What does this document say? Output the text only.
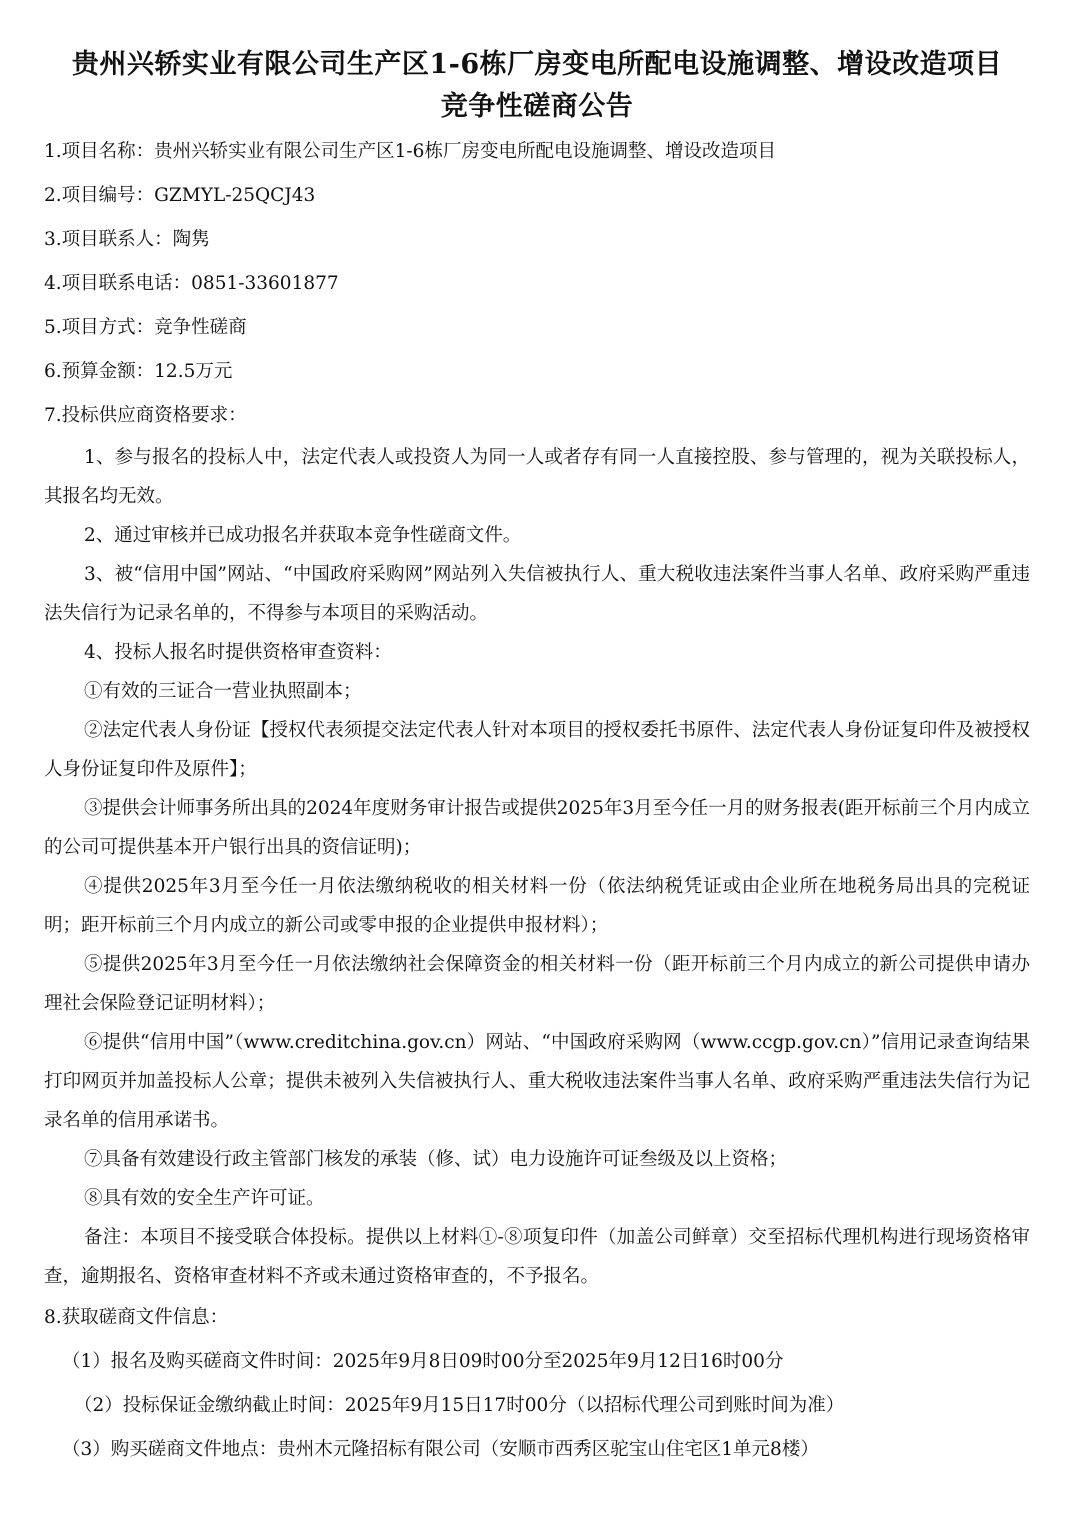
贵州兴轿实业有限公司生产区1-6栋厂房变电所配电设施调整、增设改造项目
竞争性磋商公告
1.项目名称：贵州兴轿实业有限公司生产区1-6栋厂房变电所配电设施调整、增设改造项目
2.项目编号：GZMYL-25QCJ43
3.项目联系人：陶隽
4.项目联系电话：0851-33601877
5.项目方式：竞争性磋商
6.预算金额：12.5万元
7.投标供应商资格要求：
1、参与报名的投标人中，法定代表人或投资人为同一人或者存有同一人直接控股、参与管理的，视为关联投标人，其报名均无效。
2、通过审核并已成功报名并获取本竞争性磋商文件。
3、被“信用中国”网站、“中国政府采购网”网站列入失信被执行人、重大税收违法案件当事人名单、政府采购严重违法失信行为记录名单的，不得参与本项目的采购活动。
4、投标人报名时提供资格审查资料：
①有效的三证合一营业执照副本；
②法定代表人身份证【授权代表须提交法定代表人针对本项目的授权委托书原件、法定代表人身份证复印件及被授权人身份证复印件及原件】；
③提供会计师事务所出具的2024年度财务审计报告或提供2025年3月至今任一月的财务报表(距开标前三个月内成立的公司可提供基本开户银行出具的资信证明)；
④提供2025年3月至今任一月依法缴纳税收的相关材料一份（依法纳税凭证或由企业所在地税务局出具的完税证明；距开标前三个月内成立的新公司或零申报的企业提供申报材料）；
⑤提供2025年3月至今任一月依法缴纳社会保障资金的相关材料一份（距开标前三个月内成立的新公司提供申请办理社会保险登记证明材料）；
⑥提供“信用中国”（www.creditchina.gov.cn）网站、“中国政府采购网（www.ccgp.gov.cn）”信用记录查询结果打印网页并加盖投标人公章；提供未被列入失信被执行人、重大税收违法案件当事人名单、政府采购严重违法失信行为记录名单的信用承诺书。
⑦具备有效建设行政主管部门核发的承装（修、试）电力设施许可证叁级及以上资格；
⑧具有效的安全生产许可证。
备注：本项目不接受联合体投标。提供以上材料①-⑧项复印件（加盖公司鲜章）交至招标代理机构进行现场资格审查，逾期报名、资格审查材料不齐或未通过资格审查的，不予报名。
8.获取磋商文件信息：
（1）报名及购买磋商文件时间：2025年9月8日09时00分至2025年9月12日16时00分
（2）投标保证金缴纳截止时间：2025年9月15日17时00分（以招标代理公司到账时间为准）
（3）购买磋商文件地点：贵州木元隆招标有限公司（安顺市西秀区驼宝山住宅区1单元8楼）
